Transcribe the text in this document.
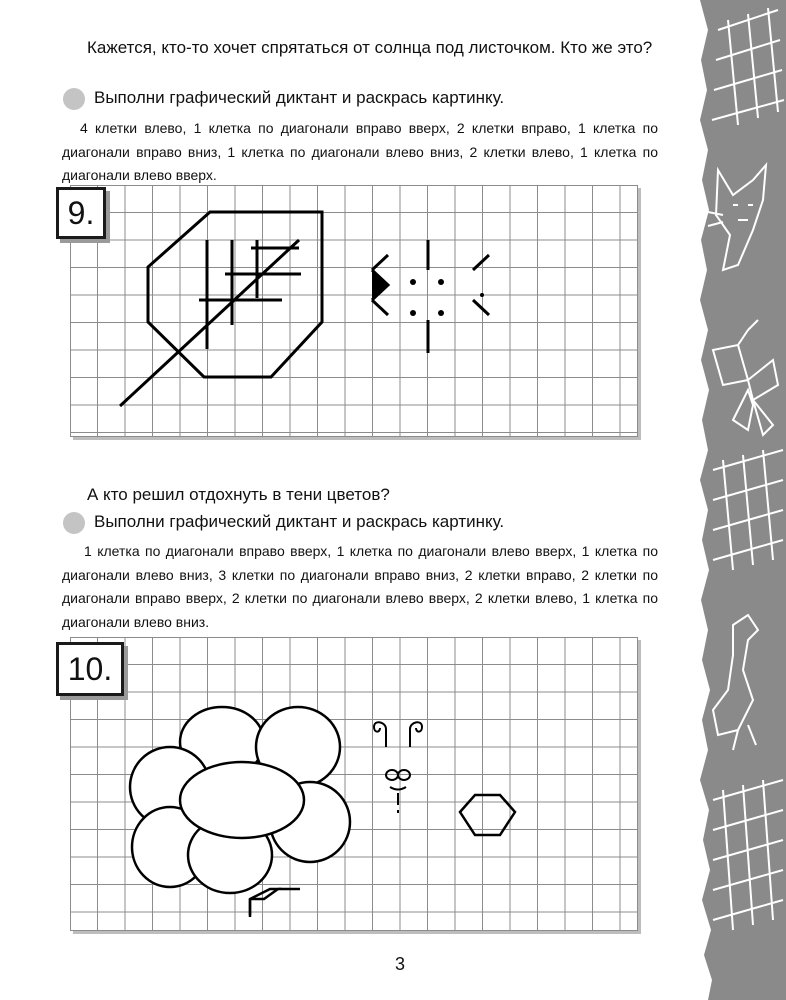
Кажется, кто-то хочет спрятаться от солнца под листочком. Кто же это?
Выполни графический диктант и раскрась картинку.
4 клетки влево, 1 клетка по диагонали вправо вверх, 2 клетки вправо, 1 клетка по диагонали вправо вниз, 1 клетка по диагонали влево вниз, 2 клетки влево, 1 клетка по диагонали влево вверх.
9.
А кто решил отдохнуть в тени цветов?
Выполни графический диктант и раскрась картинку.
1 клетка по диагонали вправо вверх, 1 клетка по диагонали влево вверх, 1 клетка по диагонали влево вниз, 3 клетки по диагонали вправо вниз, 2 клетки вправо, 2 клетки по диагонали вправо вверх, 2 клетки по диагонали влево вверх, 2 клетки влево, 1 клетка по диагонали влево вниз.
10.
3
